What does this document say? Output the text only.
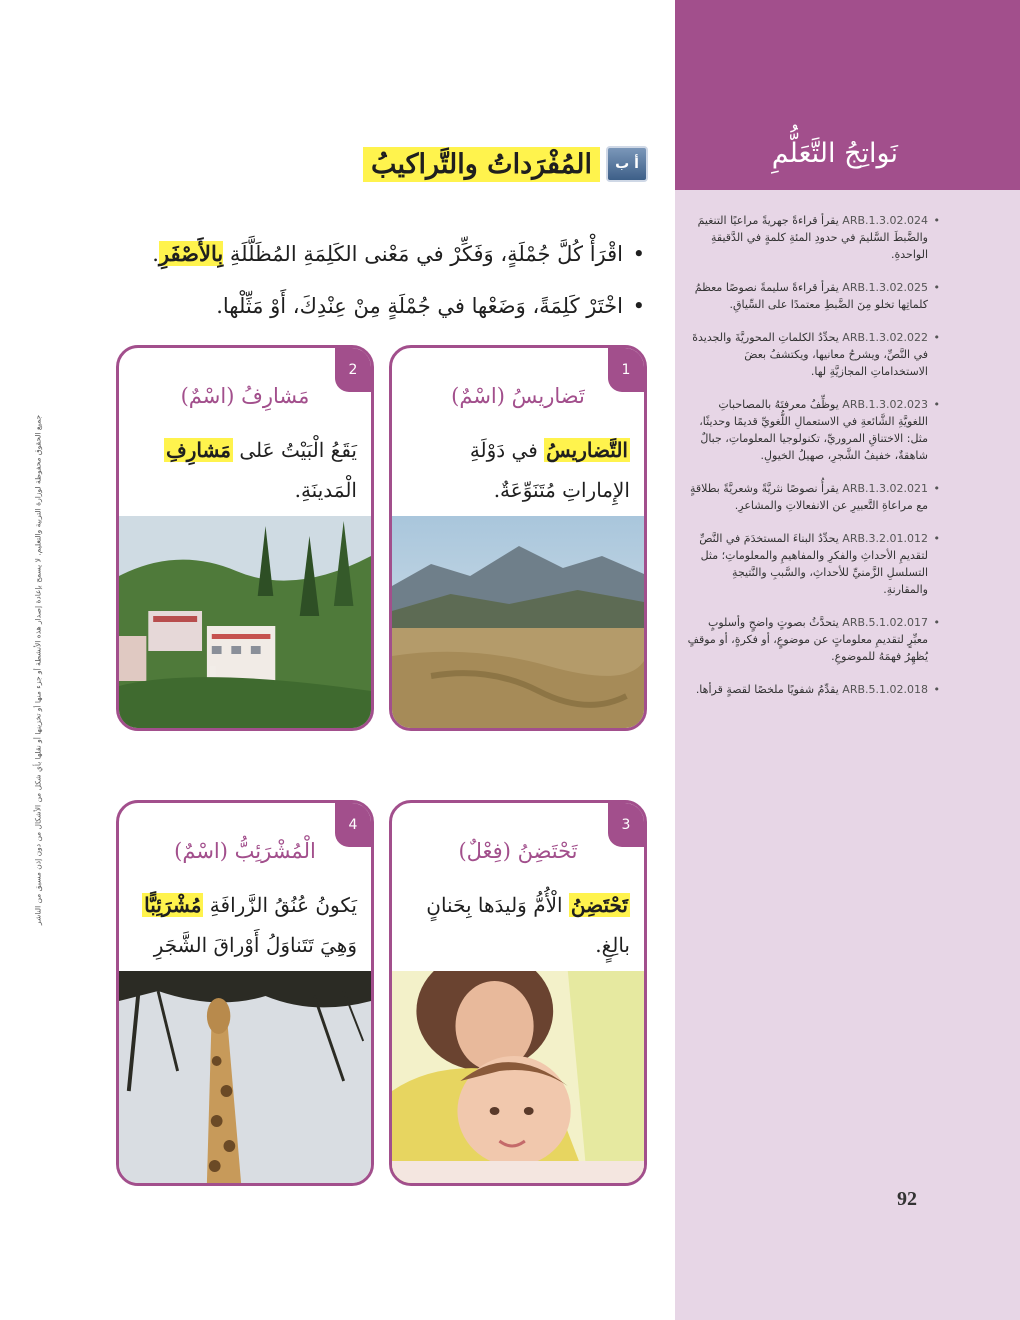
نَواتِجُ التَّعَلُّمِ
• ARB.1.3.02.024 يقرأ قراءةً جهريةً مراعيًا التنغيمَ والضَّبطَ السَّليمَ في حدودِ المئةِ كلمةٍ في الدَّقيقةِ الواحدةِ.
• ARB.1.3.02.025 يقرأ قراءةً سليمةً نصوصًا معظمُ كلماتِها تخلو مِنَ الضَّبطِ معتمدًا على السِّياقِ.
• ARB.1.3.02.022 يحدِّدُ الكلماتِ المحوريَّةَ والجديدةَ في النَّصِّ، ويشرحُ معانيها، ويكتشفُ بعضَ الاستخداماتِ المجازيَّةِ لها.
• ARB.1.3.02.023 يوظِّفُ معرفتَهُ بالمصاحباتِ اللغويَّةِ الشَّائعةِ في الاستعمالِ اللُّغويِّ قديمًا وحديثًا، مثل: الاختناقِ المروريِّ، تكنولوجيا المعلوماتِ، جبالٌ شاهقةٌ، خفيفُ الشَّجرِ، صهيلُ الخيولِ.
• ARB.1.3.02.021 يقرأُ نصوصًا نثريَّةً وشعريَّةً بطلاقةٍ مع مراعاةِ التَّعبيرِ عن الانفعالاتِ والمشاعرِ.
• ARB.3.2.01.012 يحدِّدُ البناءَ المستخدَمَ في النَّصِّ لتقديمِ الأحداثِ والفكرِ والمفاهيمِ والمعلوماتِ؛ مثل التسلسلِ الزَّمنيِّ للأحداثِ، والسَّببِ والنَّتيجةِ والمقارنةِ.
• ARB.5.1.02.017 يتحدَّثُ بصوتٍ واضحٍ وأسلوبٍ معبِّرٍ لتقديمِ معلوماتٍ عن موضوعٍ، أو فكرةٍ، أو موقفٍ يُظهِرُ فهمَهُ للموضوعِ.
• ARB.5.1.02.018 يقدِّمُ شفويًا ملخصًا لقصةٍ قرأها.
92
جميع الحقوق محفوظة لوزارة التربية والتعليم. لا يسمح بإعادة إصدار هذه الأنشطة أو جزء منها أو تخزينها أو نقلها بأي شكل من الأشكال من دون إذن مسبق من الناشر
أ ب
المُفْرَداتُ والتَّراكيبُ
• اقْرَأْ كُلَّ جُمْلَةٍ، وَفَكِّرْ في مَعْنى الكَلِمَةِ المُظَلَّلَةِ بِالأَصْفَرِ.
• اخْتَرْ كَلِمَةً، وَضَعْها في جُمْلَةٍ مِنْ عِنْدِكَ، أَوْ مَثِّلْها.
1
تَضاريسُ (اسْمٌ)
التَّضاريسُ في دَوْلَةِ الإِماراتِ مُتَنَوِّعَةٌ.
2
مَشارِفُ (اسْمٌ)
يَقَعُ الْبَيْتُ عَلى مَشارِفِ الْمَدينَةِ.
3
تَحْتَضِنُ (فِعْلٌ)
تَحْتَضِنُ الْأُمُّ وَليدَها بِحَنانٍ بالِغٍ.
4
الْمُشْرَئِبُّ (اسْمٌ)
يَكونُ عُنُقُ الزَّرافَةِ مُشْرَئِبًّا وَهِيَ تَتَناوَلُ أَوْراقَ الشَّجَرِ
